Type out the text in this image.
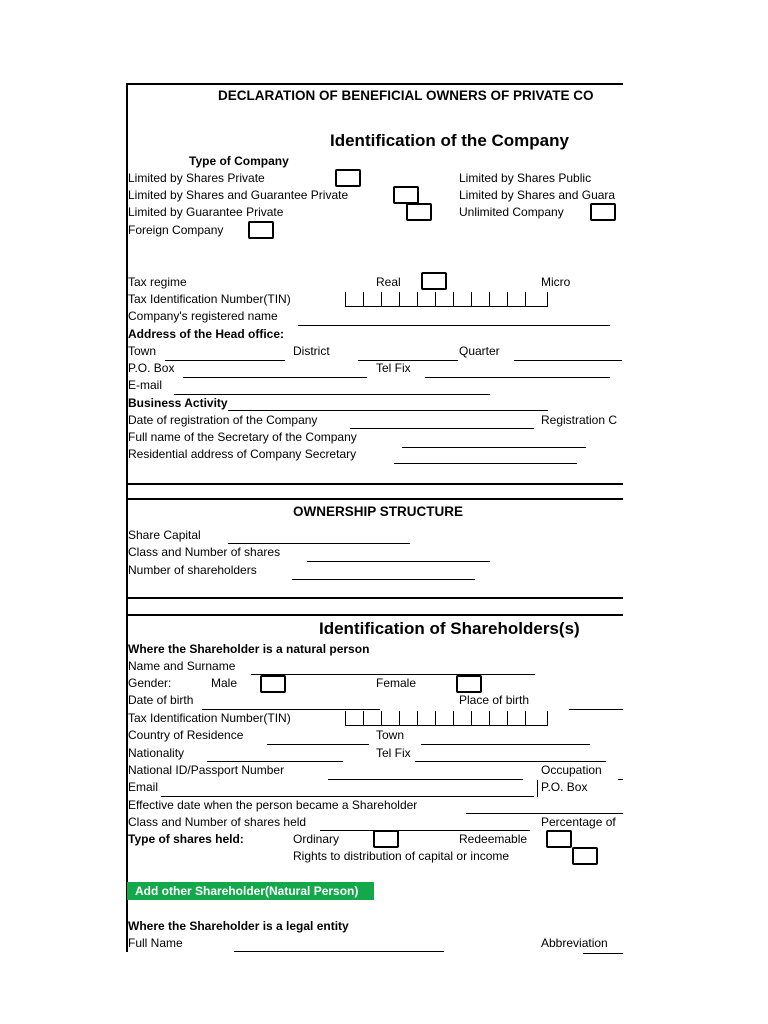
DECLARATION OF BENEFICIAL OWNERS OF PRIVATE CO
Identification of the Company
Type of Company
Limited by Shares Private
Limited by Shares and Guarantee Private
Limited by Guarantee Private
Foreign Company
Limited by Shares Public
Limited by Shares and Guara
Unlimited Company
Tax regime	Real	Micro
Tax Identification Number(TIN)
Company's registered name
Address of the Head office:
Town	District	Quarter
P.O. Box	Tel Fix
E-mail
Business Activity
Date of registration of the Company	Registration C
Full name of the Secretary of the Company
Residential address of Company Secretary
OWNERSHIP STRUCTURE
Share Capital
Class and Number of shares
Number of shareholders
Identification of Shareholders(s)
Where the Shareholder is a natural person
Name and Surname
Gender:	Male	Female
Date of birth	Place of birth
Tax Identification Number(TIN)
Country of Residence	Town
Nationality	Tel Fix
National ID/Passport Number	Occupation
Email	P.O. Box
Effective date when the person became a Shareholder
Class and Number of shares held	Percentage of
Type of shares held:	Ordinary	Redeemable
Rights to distribution of capital or income
Add other Shareholder(Natural Person)
Where the Shareholder is a legal entity
Full Name	Abbreviation
